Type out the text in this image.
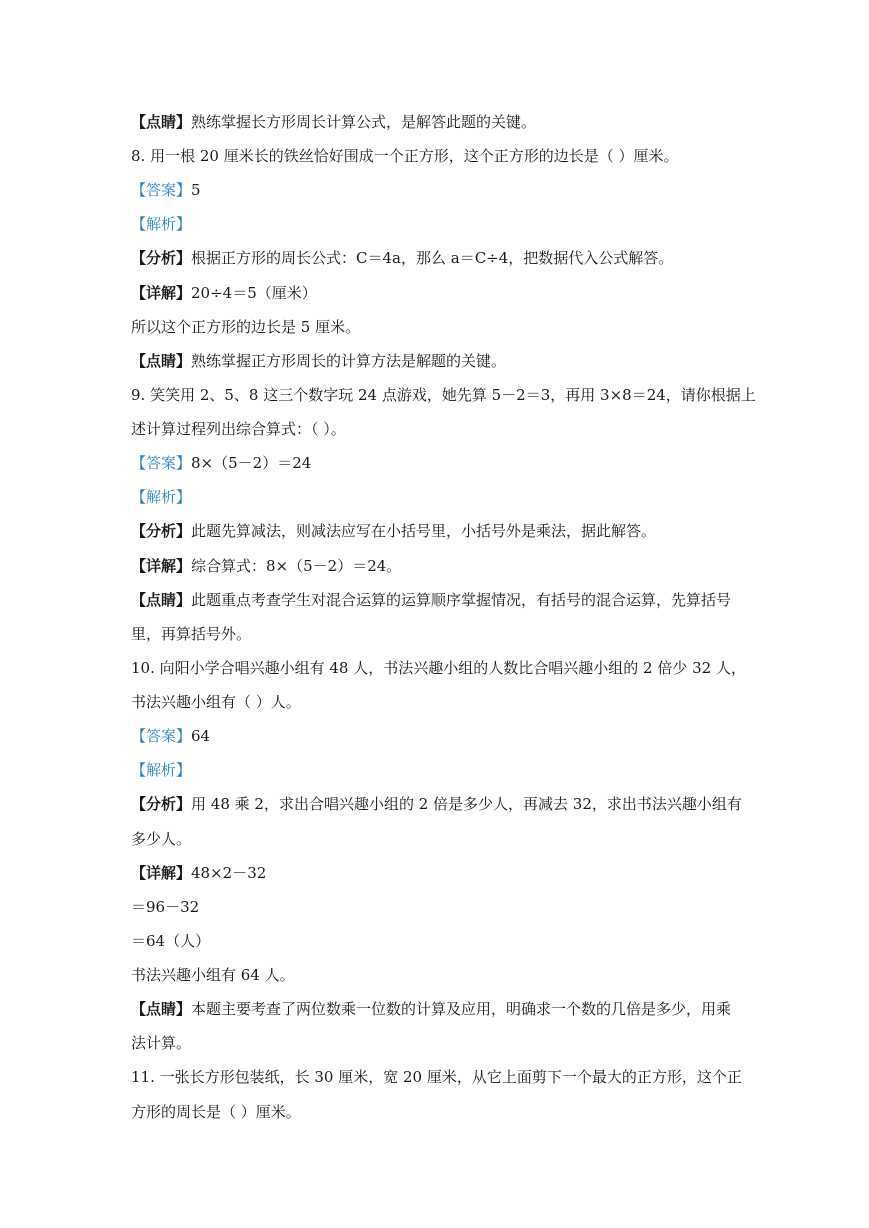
【点睛】熟练掌握长方形周长计算公式，是解答此题的关键。
8. 用一根 20 厘米长的铁丝恰好围成一个正方形，这个正方形的边长是（ ）厘米。
【答案】5
【解析】
【分析】根据正方形的周长公式：C＝4a，那么 a＝C÷4，把数据代入公式解答。
【详解】20÷4＝5（厘米）
所以这个正方形的边长是 5 厘米。
【点睛】熟练掌握正方形周长的计算方法是解题的关键。
9. 笑笑用 2、5、8 这三个数字玩 24 点游戏，她先算 5－2＝3，再用 3×8＝24，请你根据上
述计算过程列出综合算式：（ ）。
【答案】8×（5－2）＝24
【解析】
【分析】此题先算减法，则减法应写在小括号里，小括号外是乘法，据此解答。
【详解】综合算式：8×（5－2）＝24。
【点睛】此题重点考查学生对混合运算的运算顺序掌握情况，有括号的混合运算，先算括号
里，再算括号外。
10. 向阳小学合唱兴趣小组有 48 人，书法兴趣小组的人数比合唱兴趣小组的 2 倍少 32 人，
书法兴趣小组有（ ）人。
【答案】64
【解析】
【分析】用 48 乘 2，求出合唱兴趣小组的 2 倍是多少人，再减去 32，求出书法兴趣小组有
多少人。
【详解】48×2－32
＝96－32
＝64（人）
书法兴趣小组有 64 人。
【点睛】本题主要考查了两位数乘一位数的计算及应用，明确求一个数的几倍是多少，用乘
法计算。
11. 一张长方形包装纸，长 30 厘米，宽 20 厘米，从它上面剪下一个最大的正方形，这个正
方形的周长是（ ）厘米。
